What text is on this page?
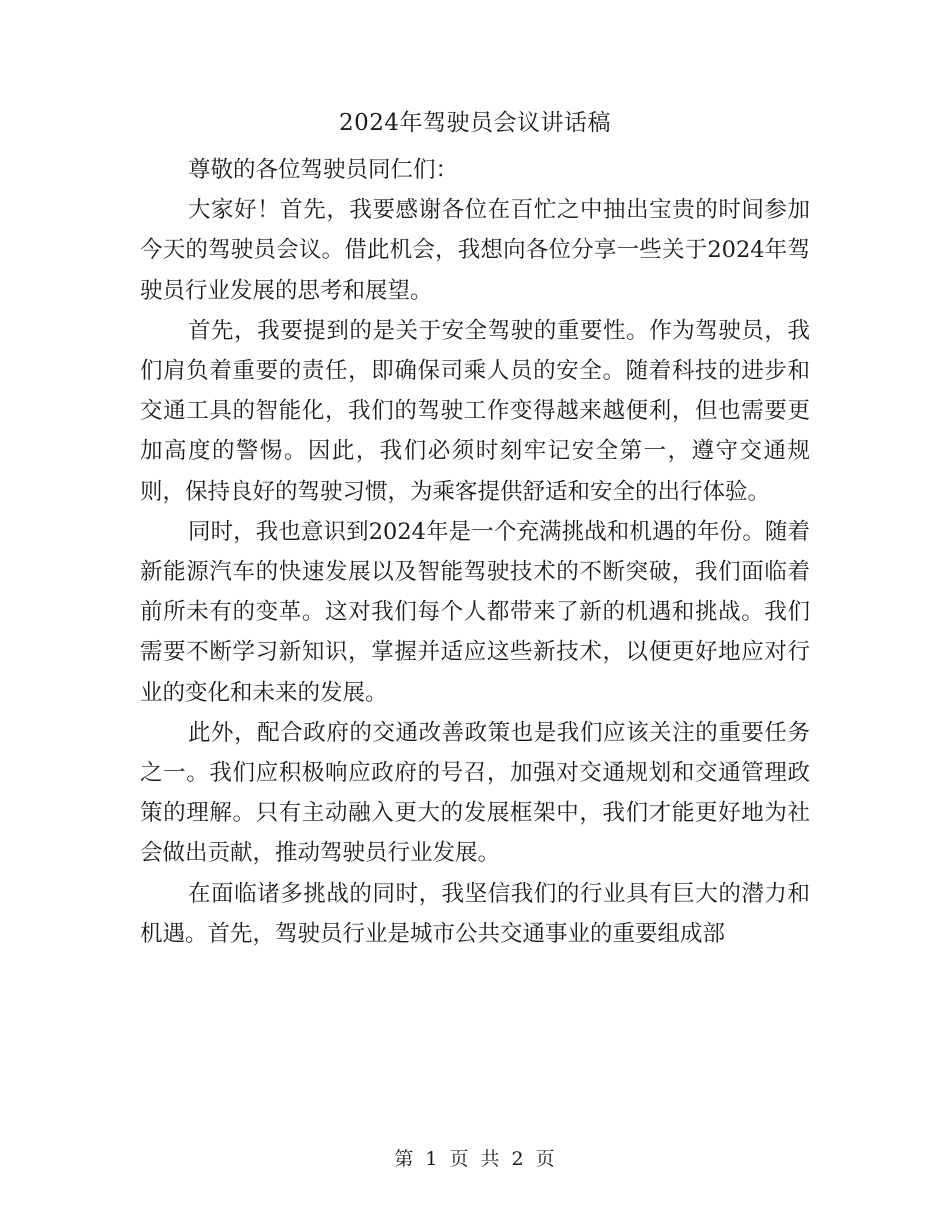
2024年驾驶员会议讲话稿

尊敬的各位驾驶员同仁们：

大家好！首先，我要感谢各位在百忙之中抽出宝贵的时间参加今天的驾驶员会议。借此机会，我想向各位分享一些关于2024年驾驶员行业发展的思考和展望。

首先，我要提到的是关于安全驾驶的重要性。作为驾驶员，我们肩负着重要的责任，即确保司乘人员的安全。随着科技的进步和交通工具的智能化，我们的驾驶工作变得越来越便利，但也需要更加高度的警惕。因此，我们必须时刻牢记安全第一，遵守交通规则，保持良好的驾驶习惯，为乘客提供舒适和安全的出行体验。

同时，我也意识到2024年是一个充满挑战和机遇的年份。随着新能源汽车的快速发展以及智能驾驶技术的不断突破，我们面临着前所未有的变革。这对我们每个人都带来了新的机遇和挑战。我们需要不断学习新知识，掌握并适应这些新技术，以便更好地应对行业的变化和未来的发展。

此外，配合政府的交通改善政策也是我们应该关注的重要任务之一。我们应积极响应政府的号召，加强对交通规划和交通管理政策的理解。只有主动融入更大的发展框架中，我们才能更好地为社会做出贡献，推动驾驶员行业发展。

在面临诸多挑战的同时，我坚信我们的行业具有巨大的潜力和机遇。首先，驾驶员行业是城市公共交通事业的重要组成部

第 1 页 共 2 页
